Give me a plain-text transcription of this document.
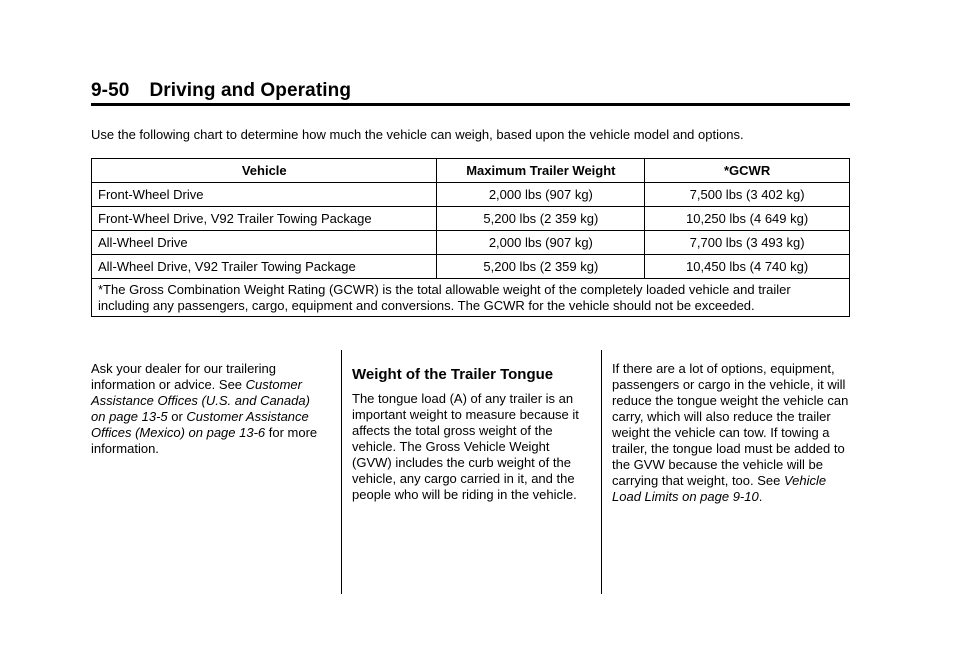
9-50 Driving and Operating
Use the following chart to determine how much the vehicle can weigh, based upon the vehicle model and options.
Vehicle	Maximum Trailer Weight	*GCWR
Front-Wheel Drive	2,000 lbs (907 kg)	7,500 lbs (3 402 kg)
Front-Wheel Drive, V92 Trailer Towing Package	5,200 lbs (2 359 kg)	10,250 lbs (4 649 kg)
All-Wheel Drive	2,000 lbs (907 kg)	7,700 lbs (3 493 kg)
All-Wheel Drive, V92 Trailer Towing Package	5,200 lbs (2 359 kg)	10,450 lbs (4 740 kg)
*The Gross Combination Weight Rating (GCWR) is the total allowable weight of the completely loaded vehicle and trailer including any passengers, cargo, equipment and conversions. The GCWR for the vehicle should not be exceeded.		

Ask your dealer for our trailering information or advice. See Customer Assistance Offices (U.S. and Canada) on page 13-5 or Customer Assistance Offices (Mexico) on page 13-6 for more information.

Weight of the Trailer Tongue

The tongue load (A) of any trailer is an important weight to measure because it affects the total gross weight of the vehicle. The Gross Vehicle Weight (GVW) includes the curb weight of the vehicle, any cargo carried in it, and the people who will be riding in the vehicle.

If there are a lot of options, equipment, passengers or cargo in the vehicle, it will reduce the tongue weight the vehicle can carry, which will also reduce the trailer weight the vehicle can tow. If towing a trailer, the tongue load must be added to the GVW because the vehicle will be carrying that weight, too. See Vehicle Load Limits on page 9-10.
